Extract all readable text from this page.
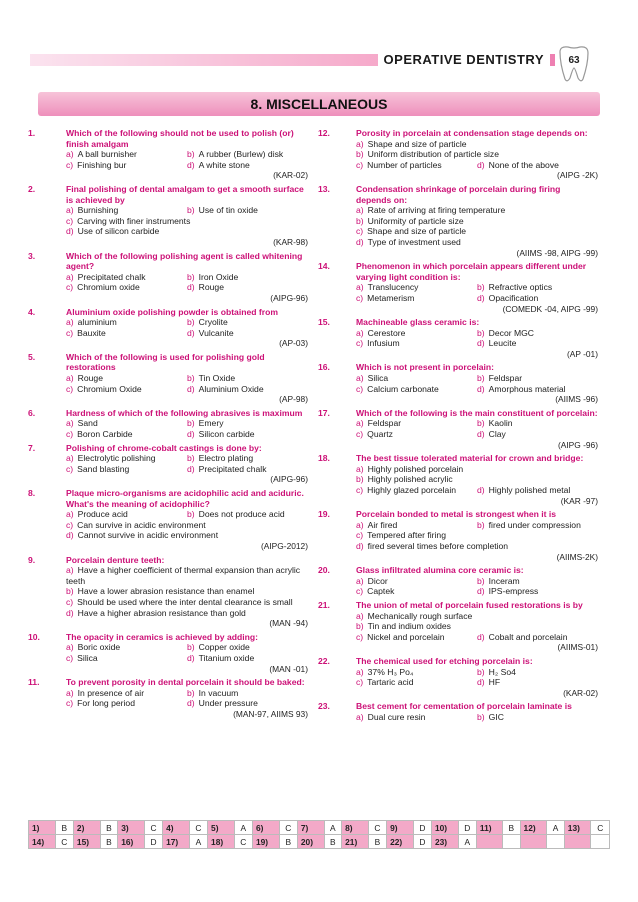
OPERATIVE DENTISTRY	63
8. MISCELLANEOUS
1.	Which of the following should not be used to polish (or) finish amalgam
a) A ball burnisher	b) A rubber (Burlew) disk
c) Finishing bur	d) A white stone
(KAR-02)
2.	Final polishing of dental amalgam to get a smooth surface is achieved by
a) Burnishing	b) Use of tin oxide
c) Carving with finer instruments
d) Use of silicon carbide
(KAR-98)
3.	Which of the following polishing agent is called whitening agent?
a) Precipitated chalk	b) Iron Oxide
c) Chromium oxide	d) Rouge
(AIPG-96)
4.	Aluminium oxide polishing powder is obtained from
a) aluminium	b) Cryolite
c) Bauxite	d) Vulcanite
(AP-03)
5.	Which of the following is used for polishing gold restorations
a) Rouge	b) Tin Oxide
c) Chromium Oxide	d) Aluminium Oxide
(AP-98)
6.	Hardness of which of the following abrasives is maximum
a) Sand	b) Emery
c) Boron Carbide	d) Silicon carbide
7.	Polishing of chrome-cobalt castings is done by:
a) Electrolytic polishing	b) Electro plating
c) Sand blasting	d) Precipitated chalk
(AIPG-96)
8.	Plaque micro-organisms are acidophilic acid and aciduric. What's the meaning of acidophilic?
a) Produce acid	b) Does not produce acid
c) Can survive in acidic environment
d) Cannot survive in acidic environment
(AIPG-2012)
9.	Porcelain denture teeth:
a) Have a higher coefficient of thermal expansion than acrylic teeth
b) Have a lower abrasion resistance than enamel
c) Should be used where the inter dental clearance is small
d) Have a higher abrasion resistance than gold
(MAN -94)
10.	The opacity in ceramics is achieved by adding:
a) Boric oxide	b) Copper oxide
c) Silica	d) Titanium oxide
(MAN -01)
11.	To prevent porosity in dental porcelain it should be baked:
a) In presence of air	b) In vacuum
c) For long period	d) Under pressure
(MAN-97, AIIMS 93)
12.	Porosity in porcelain at condensation stage depends on:
a) Shape and size of particle
b) Uniform distribution of particle size
c) Number of particles	d) None of the above
(AIPG -2K)
13.	Condensation shrinkage of porcelain during firing depends on:
a) Rate of arriving at firing temperature
b) Uniformity of particle size
c) Shape and size of particle
d) Type of investment used
(AIIMS -98, AIPG -99)
14.	Phenomenon in which porcelain appears different under varying light condition is:
a) Translucency	b) Refractive optics
c) Metamerism	d) Opacification
(COMEDK -04, AIPG -99)
15.	Machineable glass ceramic is:
a) Cerestore	b) Decor MGC
c) Infusium	d) Leucite
(AP -01)
16.	Which is not present in porcelain:
a) Silica	b) Feldspar
c) Calcium carbonate	d) Amorphous material
(AIIMS -96)
17.	Which of the following is the main constituent of porcelain:
a) Feldspar	b) Kaolin
c) Quartz	d) Clay
(AIPG -96)
18.	The best tissue tolerated material for crown and bridge:
a) Highly polished porcelain
b) Highly polished acrylic
c) Highly glazed porcelain	d) Highly polished metal
(KAR -97)
19.	Porcelain bonded to metal is strongest when it is
a) Air fired	b) fired under compression
c) Tempered after firing
d) fired several times before completion
(AIIMS-2K)
20.	Glass infiltrated alumina core ceramic is:
a) Dicor	b) Inceram
c) Captek	d) IPS-empress
21.	The union of metal of porcelain fused restorations is by
a) Mechanically rough surface
b) Tin and indium oxides
c) Nickel and porcelain	d) Cobalt and porcelain
(AIIMS-01)
22.	The chemical used for etching porcelain is:
a) 37% H₃ Po₄	b) H₂ So4
c) Tartaric acid	d) HF
(KAR-02)
23.	Best cement for cementation of porcelain laminate is
a) Dual cure resin	b) GIC
1)	B	2)	B	3)	C	4)	C	5)	A	6)	C	7)	A	8)	C	9)	D	10)	D	11)	B	12)	A	13)	C
14)	C	15)	B	16)	D	17)	A	18)	C	19)	B	20)	B	21)	B	22)	D	23)	A						
